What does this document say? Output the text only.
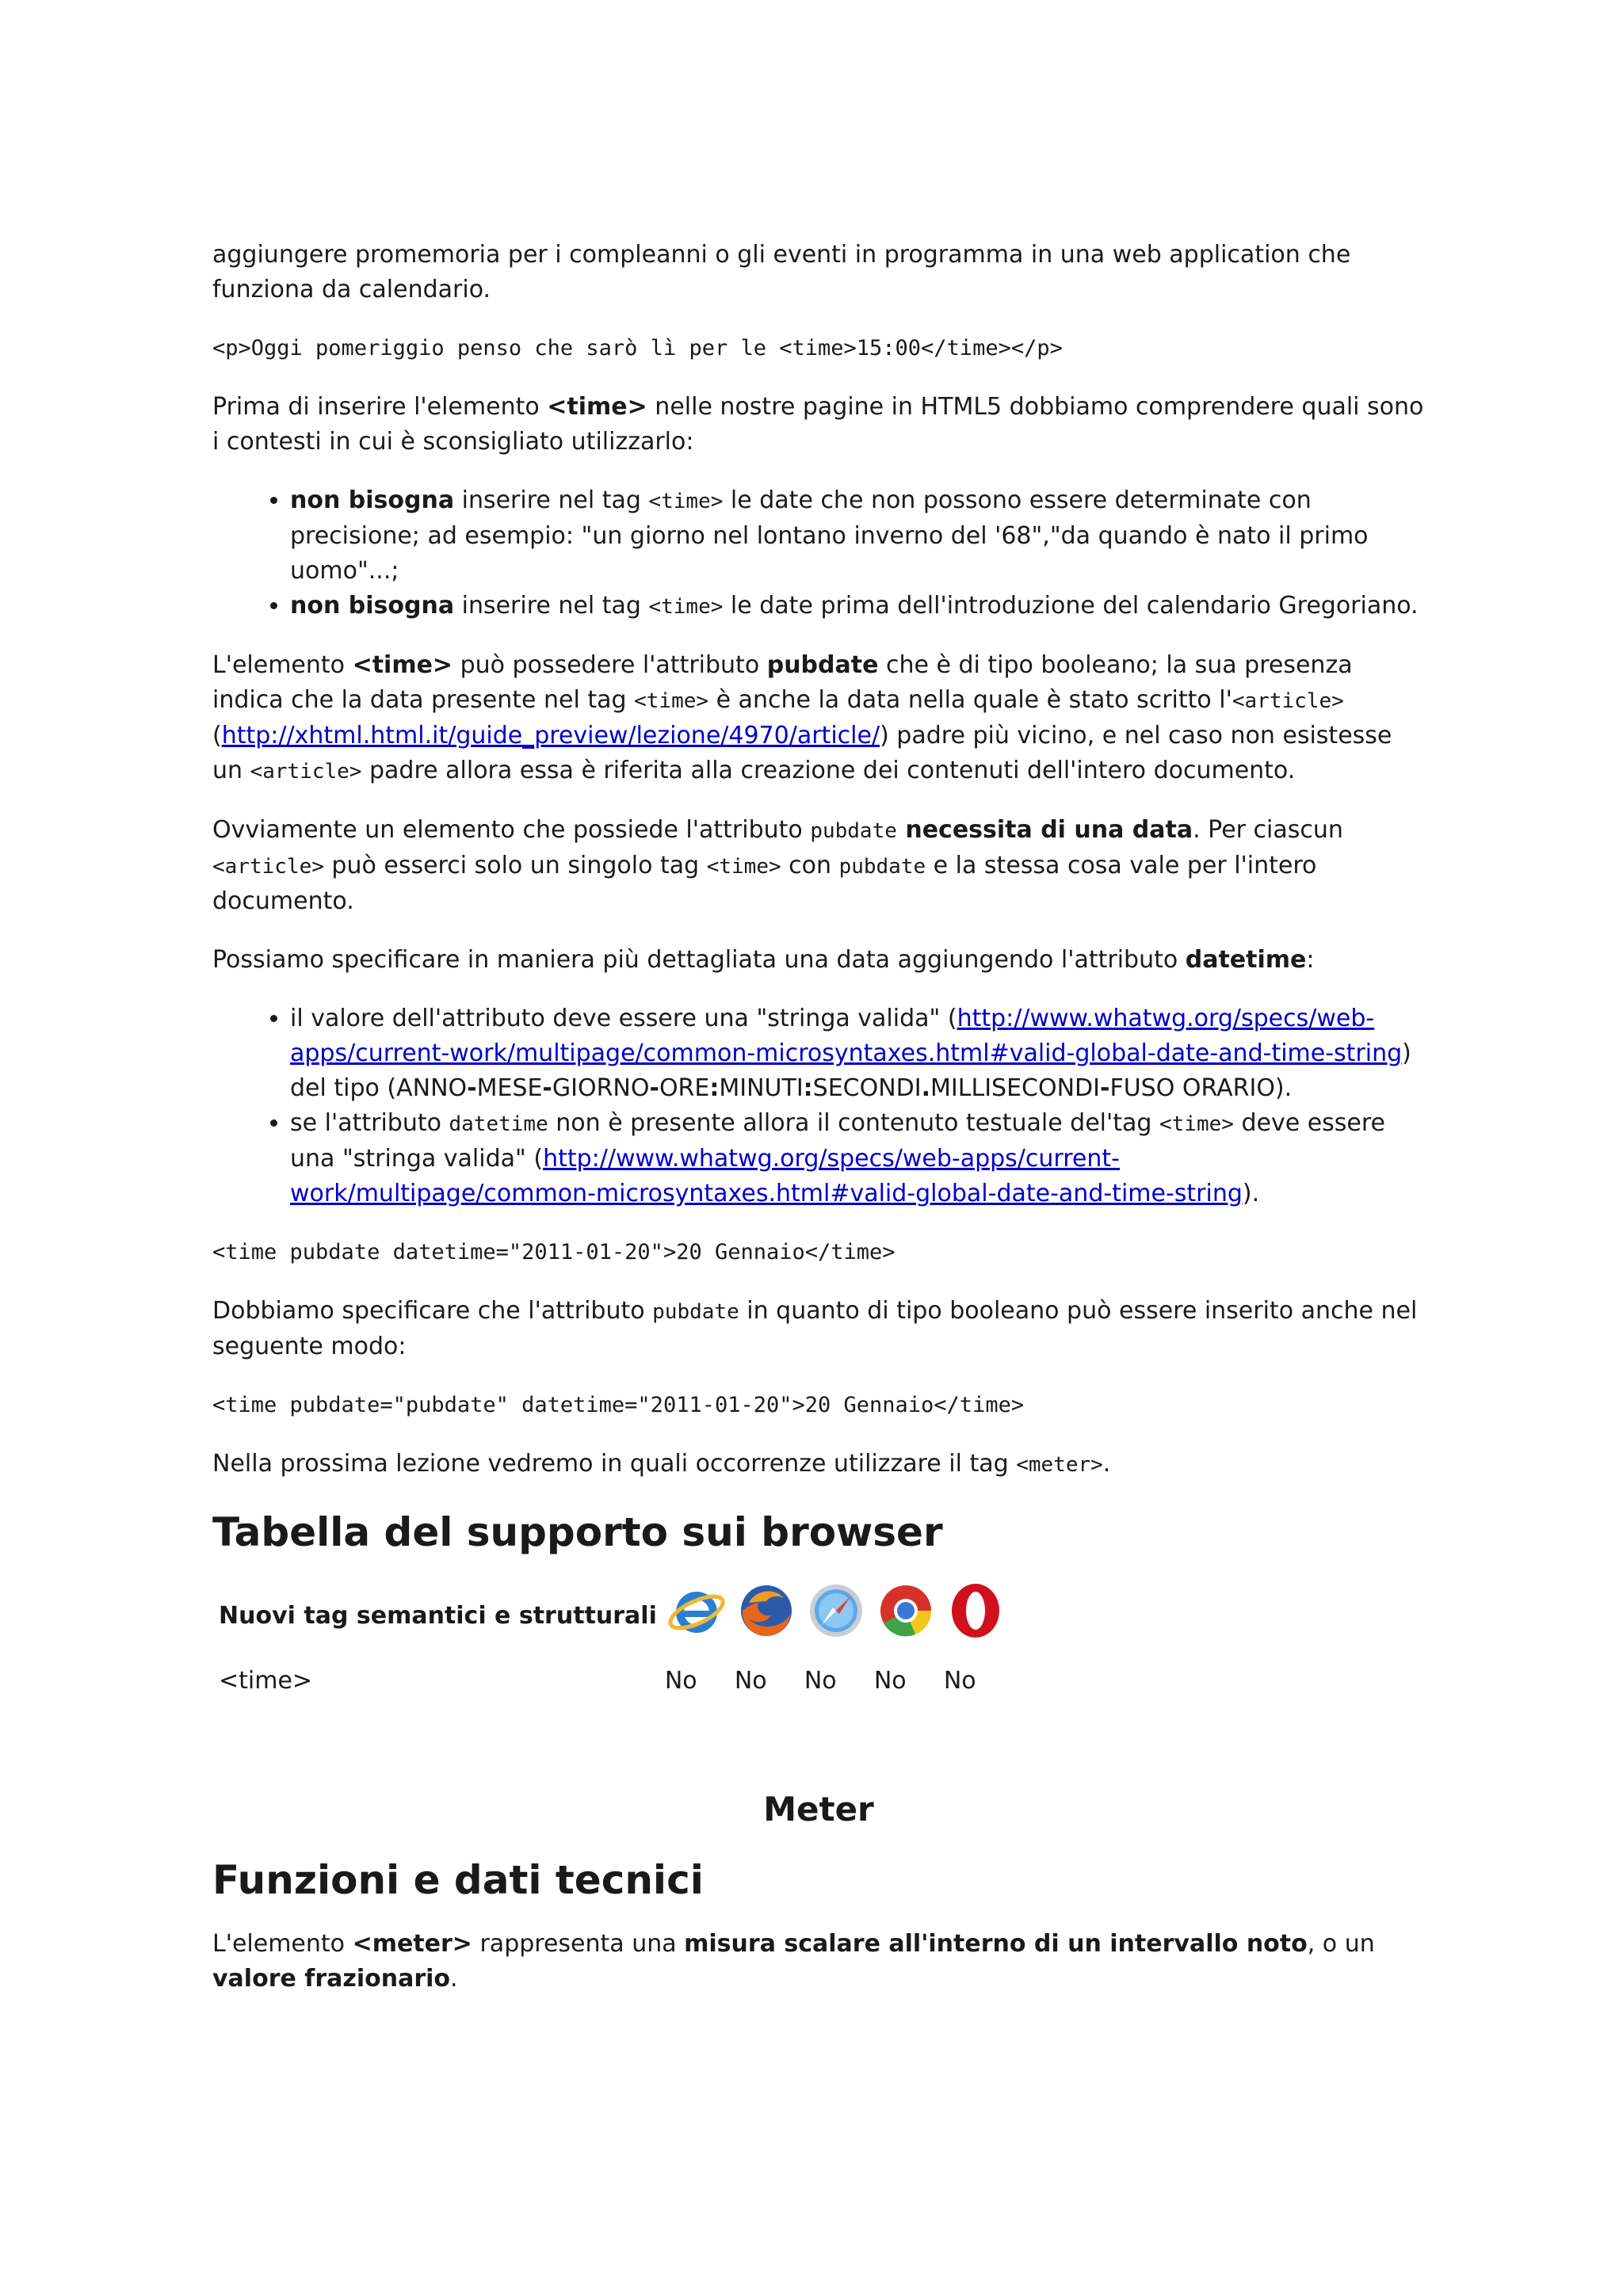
aggiungere promemoria per i compleanni o gli eventi in programma in una web application che funziona da calendario.

<p>Oggi pomeriggio penso che sarò lì per le <time>15:00</time></p>

Prima di inserire l'elemento <time> nelle nostre pagine in HTML5 dobbiamo comprendere quali sono i contesti in cui è sconsigliato utilizzarlo:

• non bisogna inserire nel tag <time> le date che non possono essere determinate con precisione; ad esempio: "un giorno nel lontano inverno del '68","da quando è nato il primo uomo"...;
• non bisogna inserire nel tag <time> le date prima dell'introduzione del calendario Gregoriano.

L'elemento <time> può possedere l'attributo pubdate che è di tipo booleano; la sua presenza indica che la data presente nel tag <time> è anche la data nella quale è stato scritto l'<article>(http://xhtml.html.it/guide_preview/lezione/4970/article/) padre più vicino, e nel caso non esistesse un <article> padre allora essa è riferita alla creazione dei contenuti dell'intero documento.

Ovviamente un elemento che possiede l'attributo pubdate necessita di una data. Per ciascun <article> può esserci solo un singolo tag <time> con pubdate e la stessa cosa vale per l'intero documento.

Possiamo specificare in maniera più dettagliata una data aggiungendo l'attributo datetime:

• il valore dell'attributo deve essere una "stringa valida" (http://www.whatwg.org/specs/web-apps/current-work/multipage/common-microsyntaxes.html#valid-global-date-and-time-string) del tipo (ANNO-MESE-GIORNO-ORE:MINUTI:SECONDI.MILLISECONDI-FUSO ORARIO).
• se l'attributo datetime non è presente allora il contenuto testuale del'tag <time> deve essere una "stringa valida" (http://www.whatwg.org/specs/web-apps/current-work/multipage/common-microsyntaxes.html#valid-global-date-and-time-string).
<time pubdate datetime="2011-01-20">20 Gennaio</time>

Dobbiamo specificare che l'attributo pubdate in quanto di tipo booleano può essere inserito anche nel seguente modo:

<time pubdate="pubdate" datetime="2011-01-20">20 Gennaio</time>

Nella prossima lezione vedremo in quali occorrenze utilizzare il tag <meter>.

Tabella del supporto sui browser
Nuovi tag semantici e strutturali					
<time>	No	No	No	No	No
Meter
Funzioni e dati tecnici

L'elemento <meter> rappresenta una misura scalare all'interno di un intervallo noto, o un valore frazionario.
